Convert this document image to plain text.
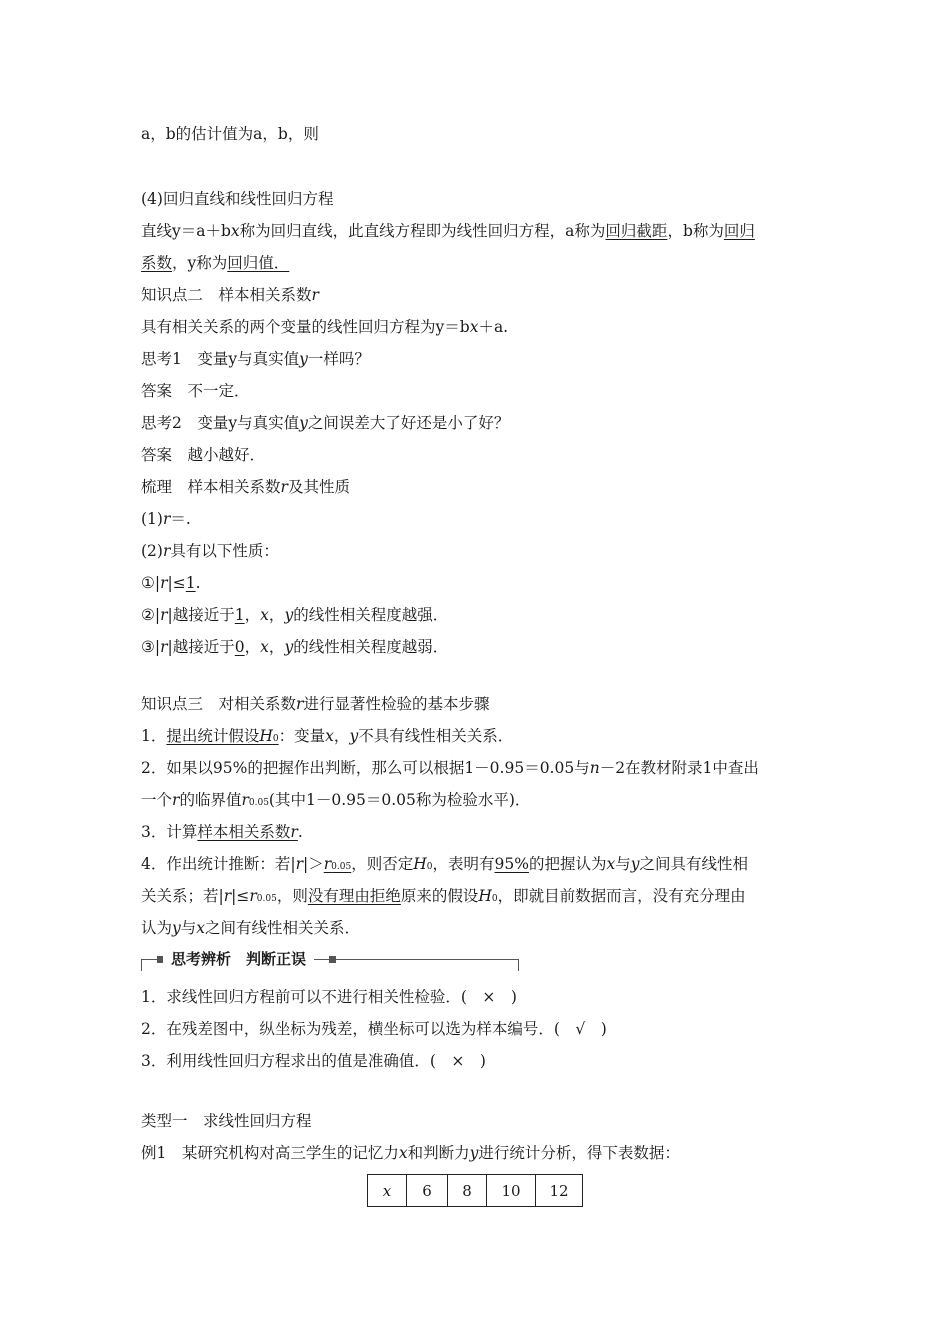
a，b的估计值为a，b，则
(4)回归直线和线性回归方程
直线y＝a＋bx称为回归直线，此直线方程即为线性回归方程，a称为回归截距，b称为回归
系数，y称为回归值．
知识点二　样本相关系数r
具有相关关系的两个变量的线性回归方程为y＝bx＋a.
思考1　变量y与真实值y一样吗？
答案　不一定．
思考2　变量y与真实值y之间误差大了好还是小了好？
答案　越小越好．
梳理　样本相关系数r及其性质
(1)r＝.
(2)r具有以下性质：
①|r|≤1.
②|r|越接近于1，x，y的线性相关程度越强．
③|r|越接近于0，x，y的线性相关程度越弱．
知识点三　对相关系数r进行显著性检验的基本步骤
1．提出统计假设H0：变量x，y不具有线性相关关系．
2．如果以95%的把握作出判断，那么可以根据1－0.95＝0.05与n－2在教材附录1中查出
一个r的临界值r0.05(其中1－0.95＝0.05称为检验水平)．
3．计算样本相关系数r.
4．作出统计推断：若|r|＞r0.05，则否定H0，表明有95%的把握认为x与y之间具有线性相
关关系；若|r|≤r0.05，则没有理由拒绝原来的假设H0，即就目前数据而言，没有充分理由
认为y与x之间有线性相关关系．
思考辨析　判断正误
1．求线性回归方程前可以不进行相关性检验．(　×　)
2．在残差图中，纵坐标为残差，横坐标可以选为样本编号．(　√　)
3．利用线性回归方程求出的值是准确值．(　×　)
类型一　求线性回归方程
例1　某研究机构对高三学生的记忆力x和判断力y进行统计分析，得下表数据：
x	6	8	10	12
